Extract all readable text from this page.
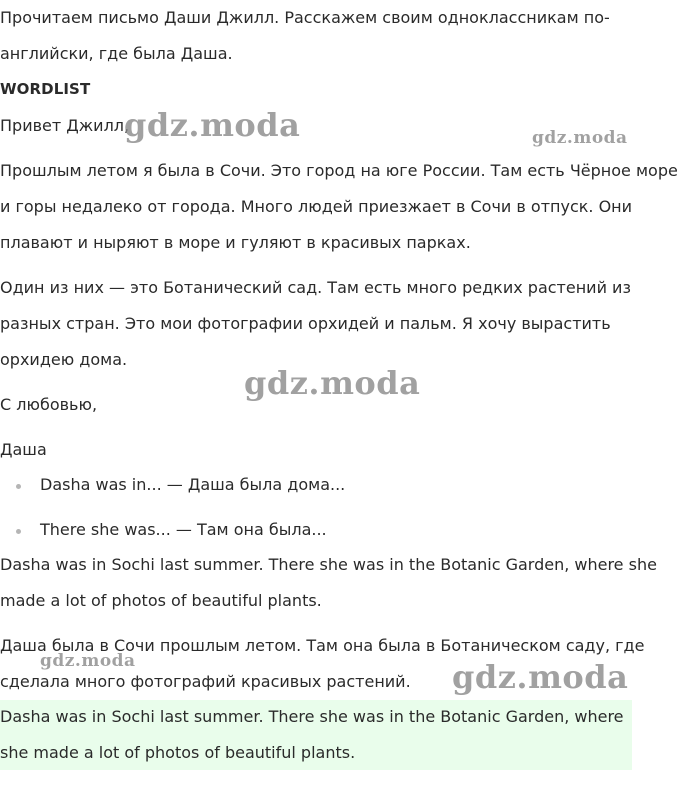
Прочитаем письмо Даши Джилл. Расскажем своим одноклассникам по-

английски, где была Даша.

WORDLIST

Привет Джилл,

Прошлым летом я была в Сочи. Это город на юге России. Там есть Чёрное море

и горы недалеко от города. Много людей приезжает в Сочи в отпуск. Они

плавают и ныряют в море и гуляют в красивых парках.

Один из них — это Ботанический сад. Там есть много редких растений из

разных стран. Это мои фотографии орхидей и пальм. Я хочу вырастить

орхидею дома.

С любовью,

Даша

Dasha was in... — Даша была дома...

There she was... — Там она была...

Dasha was in Sochi last summer. There she was in the Botanic Garden, where she

made a lot of photos of beautiful plants.

Даша была в Сочи прошлым летом. Там она была в Ботаническом саду, где

сделала много фотографий красивых растений.

Dasha was in Sochi last summer. There she was in the Botanic Garden, where

she made a lot of photos of beautiful plants.

gdz.moda	gdz.moda
gdz.moda
gdz.moda	gdz.moda
